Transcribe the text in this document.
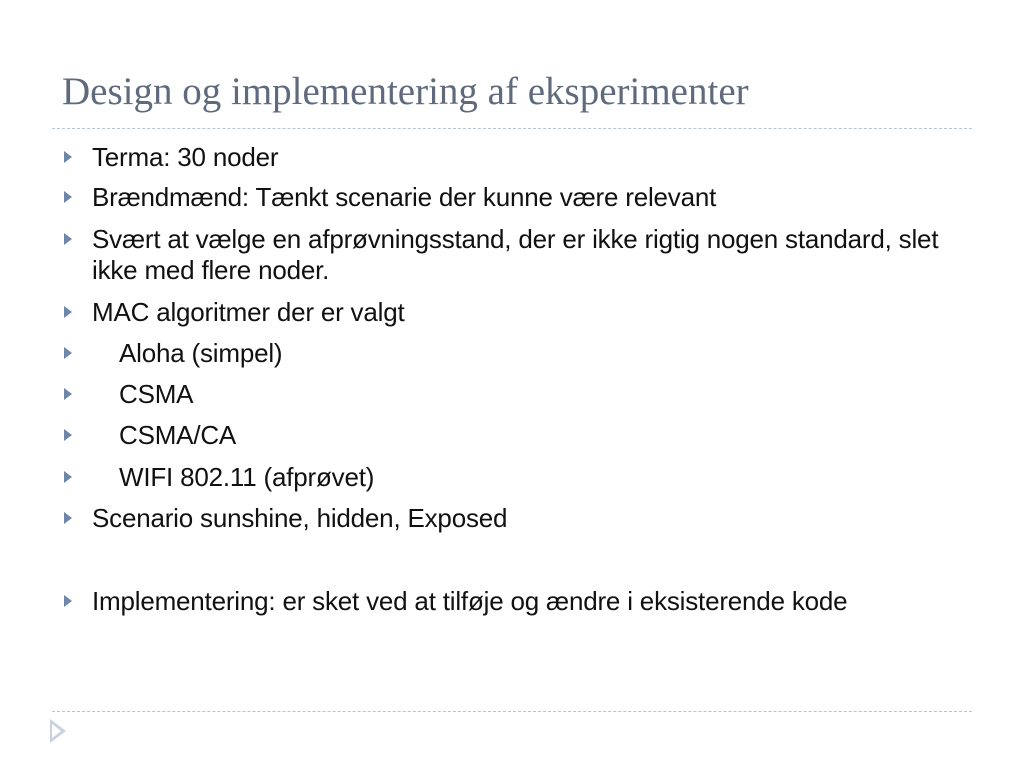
Design og implementering af eksperimenter
Terma: 30 noder
Brændmænd: Tænkt scenarie der kunne være relevant
Svært at vælge en afprøvningsstand, der er ikke rigtig nogen standard, slet ikke med flere noder.
MAC algoritmer der er valgt
Aloha (simpel)
CSMA
CSMA/CA
WIFI 802.11 (afprøvet)
Scenario sunshine, hidden, Exposed
Implementering: er sket ved at tilføje og ændre i eksisterende kode
